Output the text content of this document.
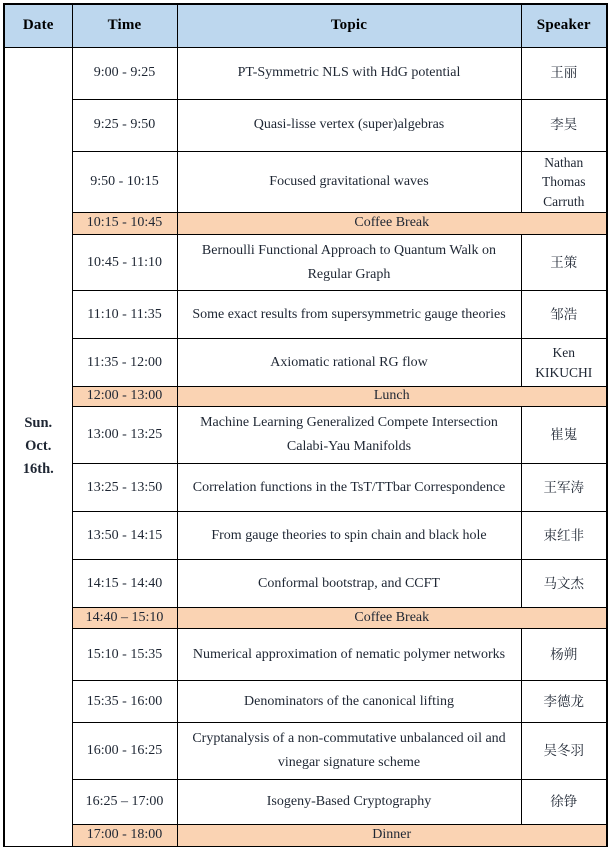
Date	Time	Topic	Speaker

Sun.
Oct. 16th.	9:00 - 9:25	PT-Symmetric NLS with HdG potential	王丽
	9:25 - 9:50	Quasi-lisse vertex (super)algebras	李昊
	9:50 - 10:15	Focused gravitational waves	Nathan Thomas Carruth
	10:15 - 10:45	Coffee Break	
	10:45 - 11:10	Bernoulli Functional Approach to Quantum Walk on Regular Graph	王策
	11:10 - 11:35	Some exact results from supersymmetric gauge theories	邹浩
	11:35 - 12:00	Axiomatic rational RG flow	Ken KIKUCHI
	12:00 - 13:00	Lunch	
	13:00 - 13:25	Machine Learning Generalized Compete Intersection Calabi-Yau Manifolds	崔嵬
	13:25 - 13:50	Correlation functions in the TsT/TTbar Correspondence	王军涛
	13:50 - 14:15	From gauge theories to spin chain and black hole	束红非
	14:15 - 14:40	Conformal bootstrap, and CCFT	马文杰
	14:40 – 15:10	Coffee Break	
	15:10 - 15:35	Numerical approximation of nematic polymer networks	杨朔
	15:35 - 16:00	Denominators of the canonical lifting	李德龙
	16:00 - 16:25	Cryptanalysis of a non-commutative unbalanced oil and vinegar signature scheme	吴冬羽
	16:25 – 17:00	Isogeny-Based Cryptography	徐铮
	17:00 - 18:00	Dinner	
